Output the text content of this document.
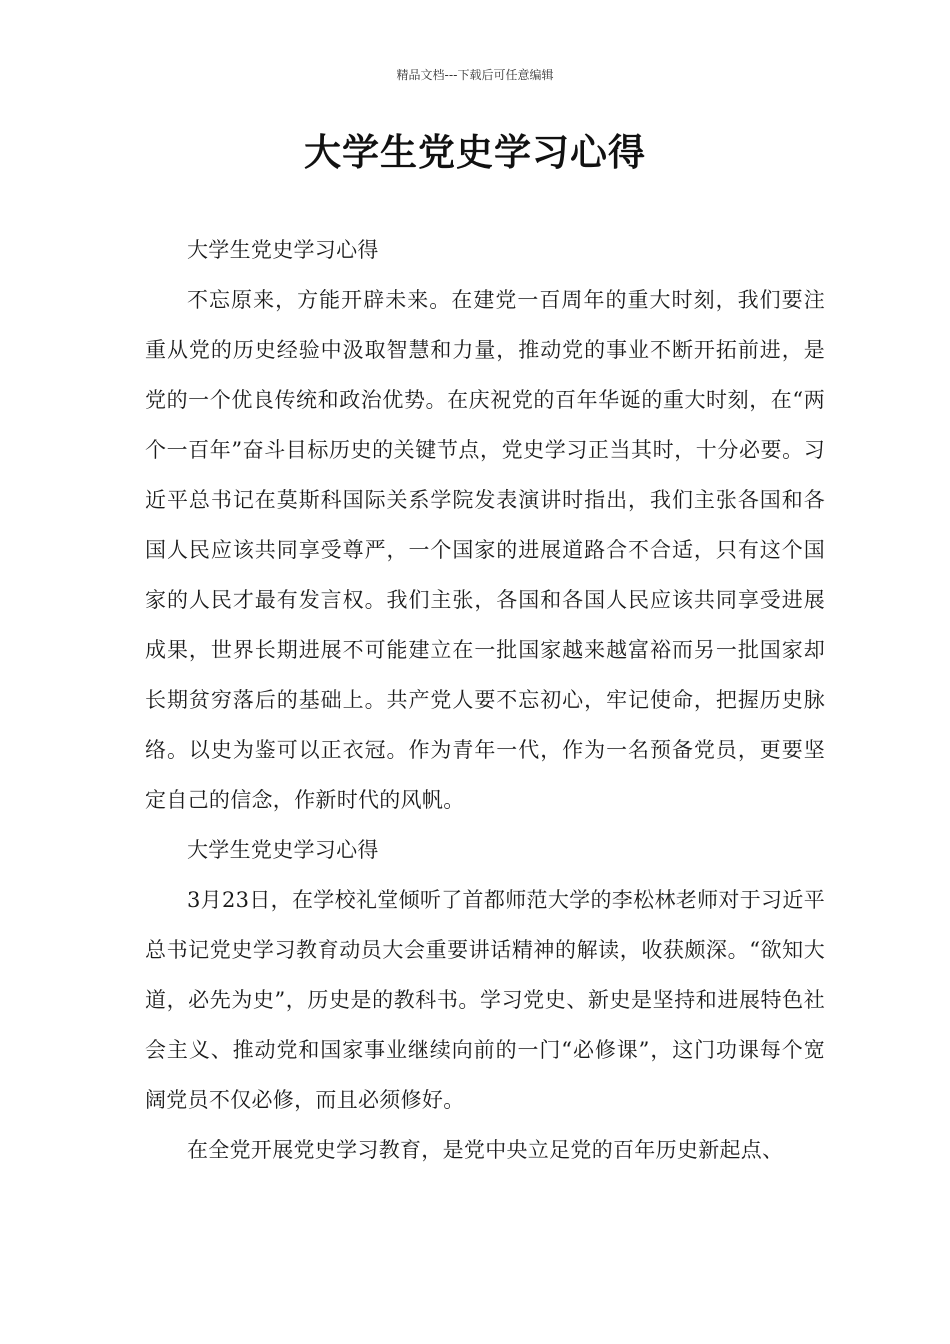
精品文档---下载后可任意编辑
大学生党史学习心得

大学生党史学习心得

不忘原来，方能开辟未来。在建党一百周年的重大时刻，我们要注重从党的历史经验中汲取智慧和力量，推动党的事业不断开拓前进，是党的一个优良传统和政治优势。在庆祝党的百年华诞的重大时刻，在“两个一百年”奋斗目标历史的关键节点，党史学习正当其时，十分必要。习近平总书记在莫斯科国际关系学院发表演讲时指出，我们主张各国和各国人民应该共同享受尊严，一个国家的进展道路合不合适，只有这个国家的人民才最有发言权。我们主张，各国和各国人民应该共同享受进展成果，世界长期进展不可能建立在一批国家越来越富裕而另一批国家却长期贫穷落后的基础上。共产党人要不忘初心，牢记使命，把握历史脉络。以史为鉴可以正衣冠。作为青年一代，作为一名预备党员，更要坚定自己的信念，作新时代的风帆。

大学生党史学习心得

3月23日，在学校礼堂倾听了首都师范大学的李松林老师对于习近平总书记党史学习教育动员大会重要讲话精神的解读，收获颇深。“欲知大道，必先为史”，历史是的教科书。学习党史、新史是坚持和进展特色社会主义、推动党和国家事业继续向前的一门“必修课”，这门功课每个宽阔党员不仅必修，而且必须修好。

在全党开展党史学习教育，是党中央立足党的百年历史新起点、
